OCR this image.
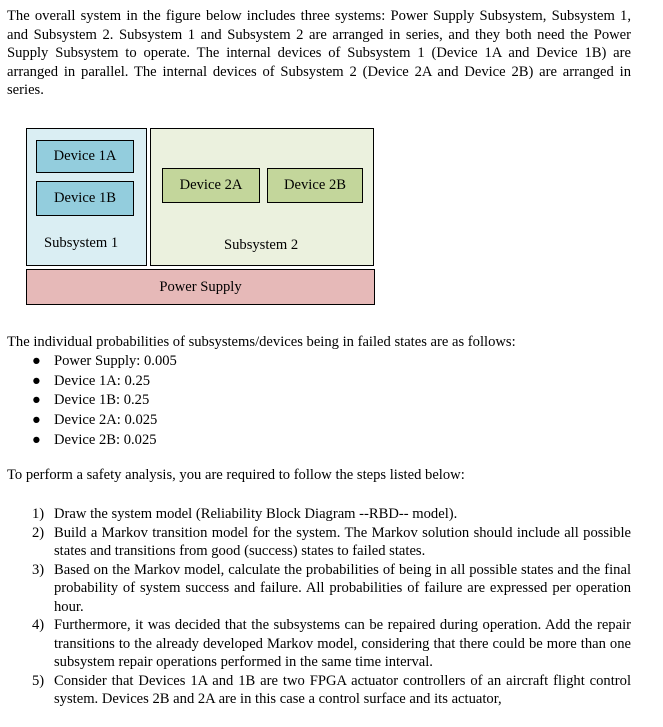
The overall system in the figure below includes three systems: Power Supply Subsystem, Subsystem 1, and Subsystem 2. Subsystem 1 and Subsystem 2 are arranged in series, and they both need the Power Supply Subsystem to operate. The internal devices of Subsystem 1 (Device 1A and Device 1B) are arranged in parallel. The internal devices of Subsystem 2 (Device 2A and Device 2B) are arranged in series.

Subsystem 1	Subsystem 2
Device 1A
Device 1B
Device 2A	Device 2B
Power Supply

The individual probabilities of subsystems/devices being in failed states are as follows:

● Power Supply: 0.005
● Device 1A: 0.25
● Device 1B: 0.25
● Device 2A: 0.025
● Device 2B: 0.025

To perform a safety analysis, you are required to follow the steps listed below:

1) Draw the system model (Reliability Block Diagram --RBD-- model).
2) Build a Markov transition model for the system. The Markov solution should include all possible states and transitions from good (success) states to failed states.
3) Based on the Markov model, calculate the probabilities of being in all possible states and the final probability of system success and failure. All probabilities of failure are expressed per operation hour.
4) Furthermore, it was decided that the subsystems can be repaired during operation. Add the repair transitions to the already developed Markov model, considering that there could be more than one subsystem repair operations performed in the same time interval.
5) Consider that Devices 1A and 1B are two FPGA actuator controllers of an aircraft flight control system. Devices 2B and 2A are in this case a control surface and its actuator,
